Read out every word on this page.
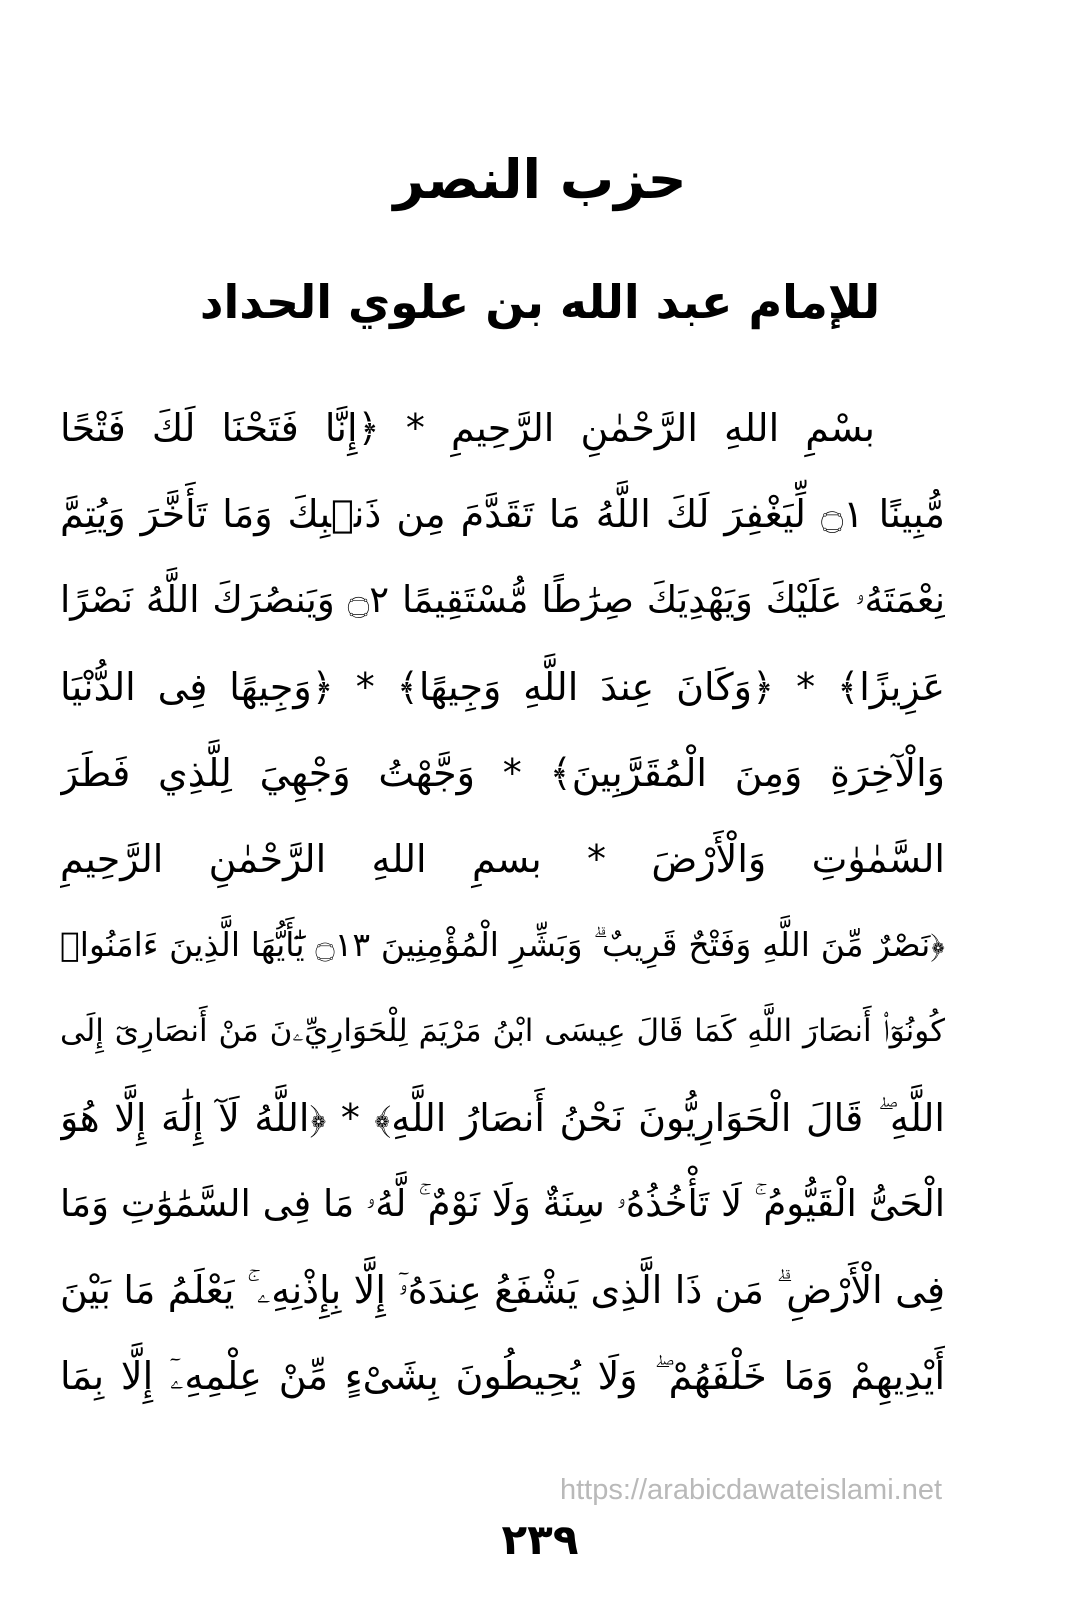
حزب النصر
للإمام عبد الله بن علوي الحداد
بسْمِ اللهِ الرَّحْمٰنِ الرَّحِيمِ * ﴿إِنَّا فَتَحْنَا لَكَ فَتْحًا
مُّبِينًا ۝١ لِّيَغْفِرَ لَكَ اللَّهُ مَا تَقَدَّمَ مِن ذَنۢبِكَ وَمَا تَأَخَّرَ وَيُتِمَّ
نِعْمَتَهُۥ عَلَيْكَ وَيَهْدِيَكَ صِرَٰطًا مُّسْتَقِيمًا ۝٢ وَيَنصُرَكَ اللَّهُ نَصْرًا
عَزِيزًا﴾ * ﴿وَكَانَ عِندَ اللَّهِ وَجِيهًا﴾ * ﴿وَجِيهًا فِى الدُّنْيَا
وَالْآخِرَةِ وَمِنَ الْمُقَرَّبِينَ﴾ * وَجَّهْتُ وَجْهِيَ لِلَّذِي فَطَرَ
السَّمٰوٰتِ وَالْأَرْضَ * بسمِ اللهِ الرَّحْمٰنِ الرَّحِيمِ
﴿نَصْرٌ مِّنَ اللَّهِ وَفَتْحٌ قَرِيبٌ ۗ وَبَشِّرِ الْمُؤْمِنِينَ ۝١٣ يَٰٓأَيُّهَا الَّذِينَ ءَامَنُوا۟
كُونُوٓا۟ أَنصَارَ اللَّهِ كَمَا قَالَ عِيسَى ابْنُ مَرْيَمَ لِلْحَوَارِيِّۦنَ مَنْ أَنصَارِىٓ إِلَى
اللَّهِ ۖ قَالَ الْحَوَارِيُّونَ نَحْنُ أَنصَارُ اللَّهِ﴾ * ﴿اللَّهُ لَآ إِلَٰهَ إِلَّا هُوَ
الْحَىُّ الْقَيُّومُ ۚ لَا تَأْخُذُهُۥ سِنَةٌ وَلَا نَوْمٌ ۚ لَّهُۥ مَا فِى السَّمَٰوَٰتِ وَمَا
فِى الْأَرْضِ ۗ مَن ذَا الَّذِى يَشْفَعُ عِندَهُۥٓ إِلَّا بِإِذْنِهِۦ ۚ يَعْلَمُ مَا بَيْنَ
أَيْدِيهِمْ وَمَا خَلْفَهُمْ ۖ وَلَا يُحِيطُونَ بِشَىْءٍ مِّنْ عِلْمِهِۦٓ إِلَّا بِمَا
https://arabicdawateislami.net
٢٣٩
